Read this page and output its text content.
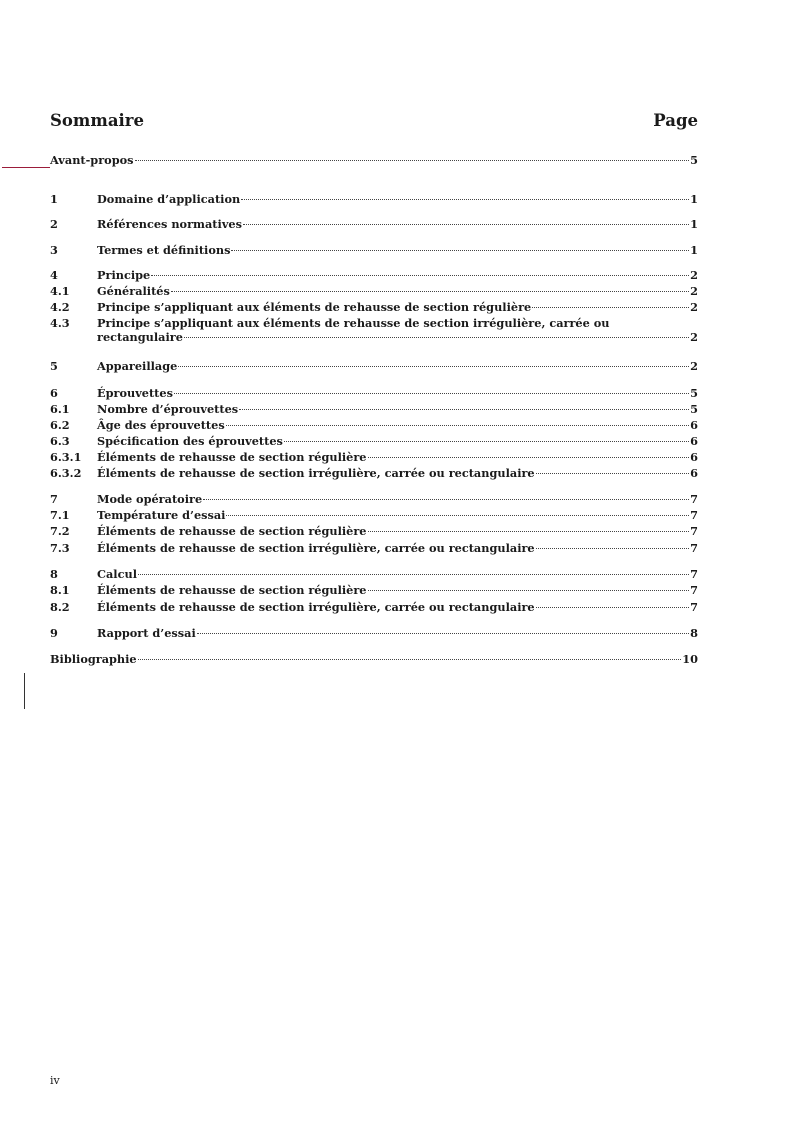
Sommaire	Page
Avant-propos	5
1	Domaine d’application	1
2	Références normatives	1
3	Termes et définitions	1
4	Principe	2
4.1	Généralités	2
4.2	Principe s’appliquant aux éléments de rehausse de section régulière	2
4.3	Principe s’appliquant aux éléments de rehausse de section irrégulière, carrée ou
rectangulaire	2
5	Appareillage	2
6	Éprouvettes	5
6.1	Nombre d’éprouvettes	5
6.2	Âge des éprouvettes	6
6.3	Spécification des éprouvettes	6
6.3.1	Éléments de rehausse de section régulière	6
6.3.2	Éléments de rehausse de section irrégulière, carrée ou rectangulaire	6
7	Mode opératoire	7
7.1	Température d’essai	7
7.2	Éléments de rehausse de section régulière	7
7.3	Éléments de rehausse de section irrégulière, carrée ou rectangulaire	7
8	Calcul	7
8.1	Éléments de rehausse de section régulière	7
8.2	Éléments de rehausse de section irrégulière, carrée ou rectangulaire	7
9	Rapport d’essai	8
Bibliographie	10
iv
